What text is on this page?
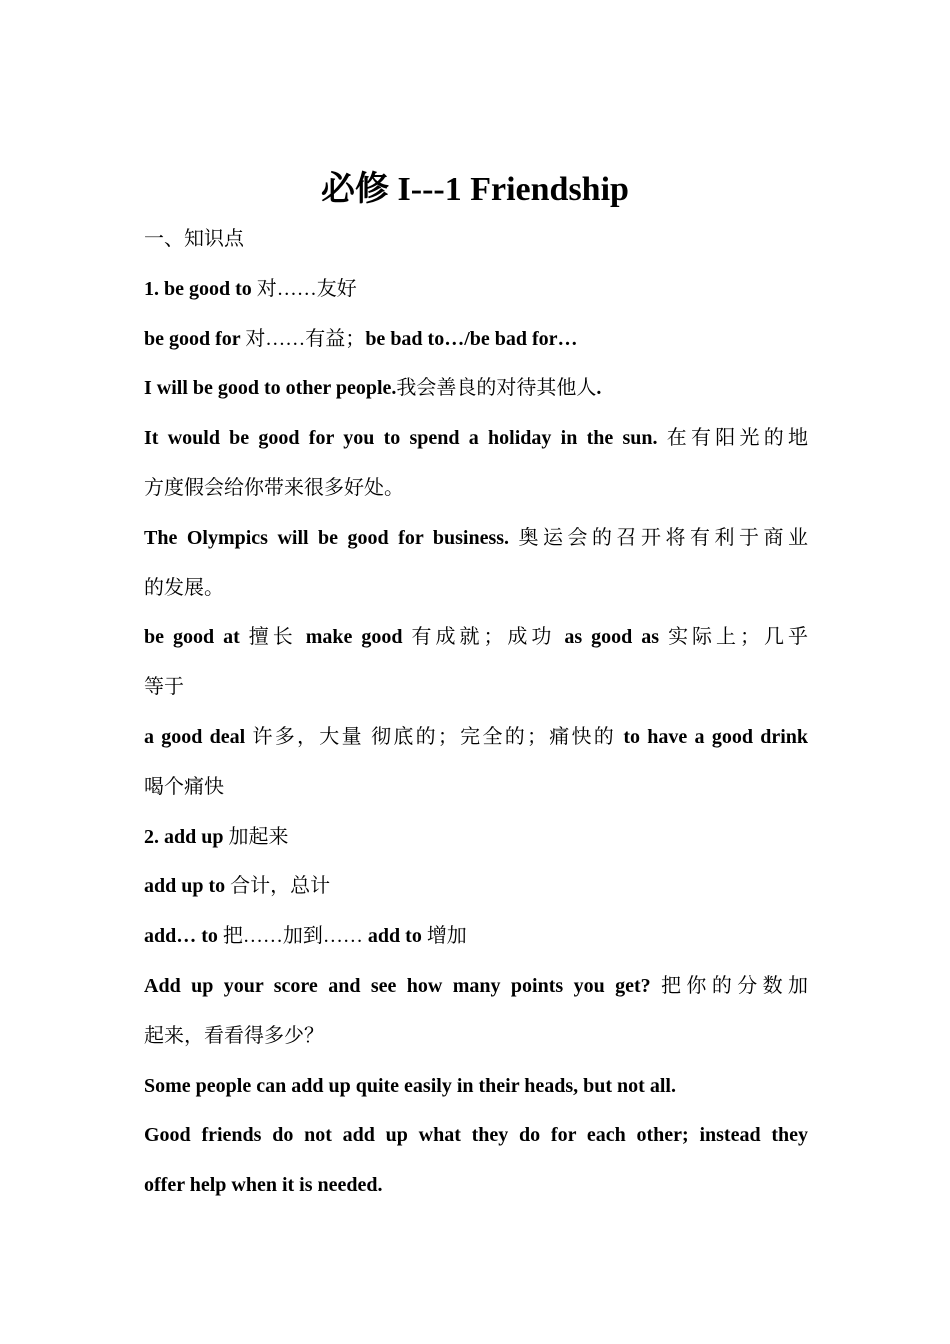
必修 I---1 Friendship
一、知识点
1. be good to 对……友好
be good for 对……有益；be bad to…/be bad for…
I will be good to other people.我会善良的对待其他人.
It would be good for you to spend a holiday in the sun. 在有阳光的地
方度假会给你带来很多好处。
The Olympics will be good for business. 奥运会的召开将有利于商业
的发展。
be good at 擅长 make good 有成就；成功 as good as 实际上；几乎
等于
a good deal 许多，大量 彻底的；完全的；痛快的 to have a good drink
喝个痛快
2. add up 加起来
add up to 合计，总计
add… to 把……加到…… add to 增加
Add up your score and see how many points you get? 把你的分数加
起来，看看得多少？
Some people can add up quite easily in their heads, but not all.
Good friends do not add up what they do for each other; instead they
offer help when it is needed.
